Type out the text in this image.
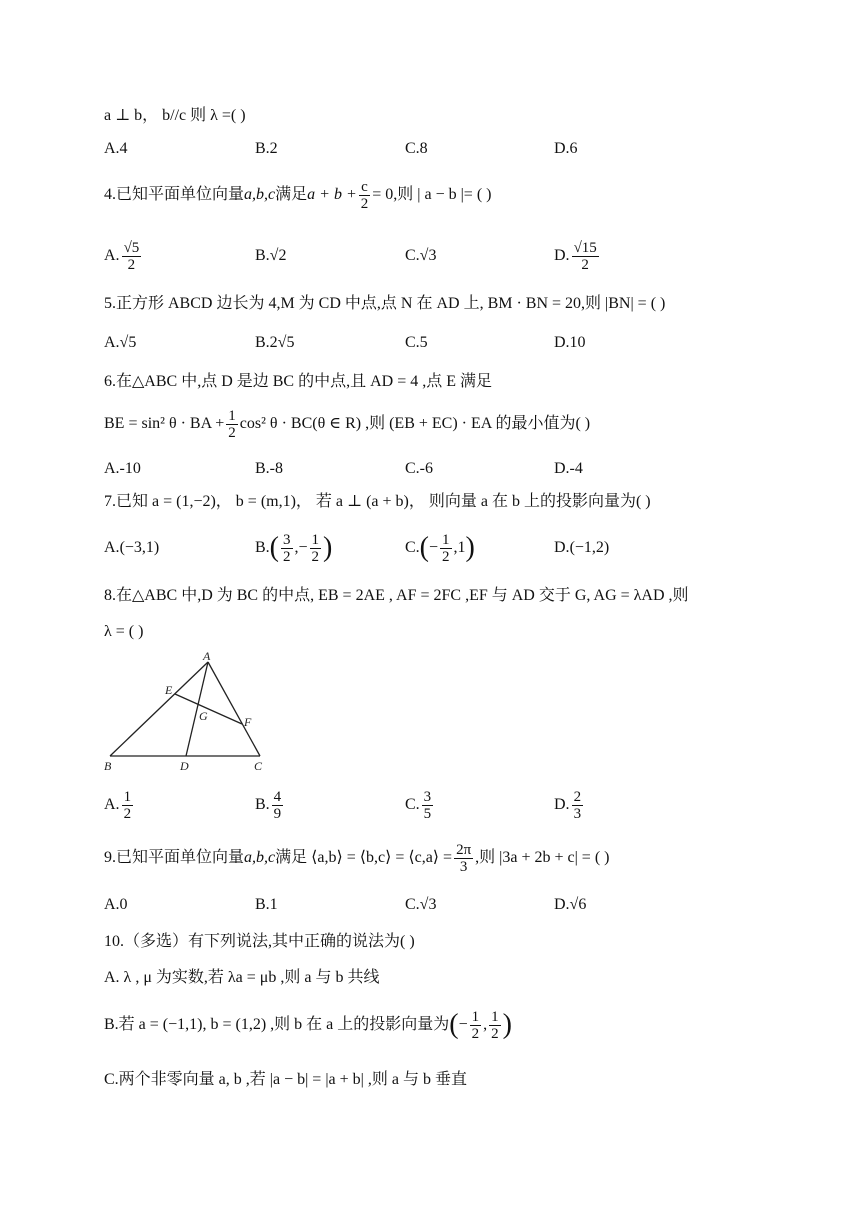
a ⊥ b， b//c 则 λ =( )
A.4	B.2	C.8	D.6
4.已知平面单位向量 a,b,c 满足 $a + b + \frac{c}{2} = 0$ ,则 | a − b |= ( )
A. $\frac{√5}{2}$	B. √2	C. √3	D. $\frac{√15}{2}$
5.正方形 ABCD 边长为 4,M 为 CD 中点,点 N 在 AD 上, BM · BN = 20,则 |BN| = ( )
A.√5	B.2√5	C.5	D.10
6.在△ABC 中,点 D 是边 BC 的中点,且 AD = 4 ,点 E 满足
BE = sin² θ · BA + $\frac{1}{2} \cos^2$ θ · BC(θ ∈ R) ,则 (EB + EC) · EA 的最小值为( )
A.-10	B.-8	C.-6	D.-4
7.已知 a = (1,−2)， b = (m,1)， 若 a ⊥ (a + b)， 则向量 a 在 b 上的投影向量为( )
A. (−3,1)	B. ( $\frac{3}{2}$ , − $\frac{1}{2}$ )	C. ( − $\frac{1}{2}$ , 1 )	D. (−1,2)
8.在△ABC 中,D 为 BC 的中点, EB = 2AE , AF = 2FC ,EF 与 AD 交于 G, AG = λAD ,则
λ = ( )
A
E
G	F
B	D	C
A. $\frac{1}{2}$	B. $\frac{4}{9}$	C. $\frac{3}{5}$	D. $\frac{2}{3}$
9.已知平面单位向量 a,b,c 满足 ⟨a,b⟩ = ⟨b,c⟩ = ⟨c,a⟩ = $\frac{2\pi}{3}$ ,则 |3a + 2b + c| = ( )
A.0	B.1	C.√3	D.√6
10.（多选）有下列说法,其中正确的说法为( )
A. λ , μ 为实数,若 λa = μb ,则 a 与 b 共线
B.若 a = (−1,1), b = (1,2) ,则 b 在 a 上的投影向量为 ( − $\frac{1}{2}$ , $\frac{1}{2}$ )
C.两个非零向量 a, b ,若 |a − b| = |a + b| ,则 a 与 b 垂直
